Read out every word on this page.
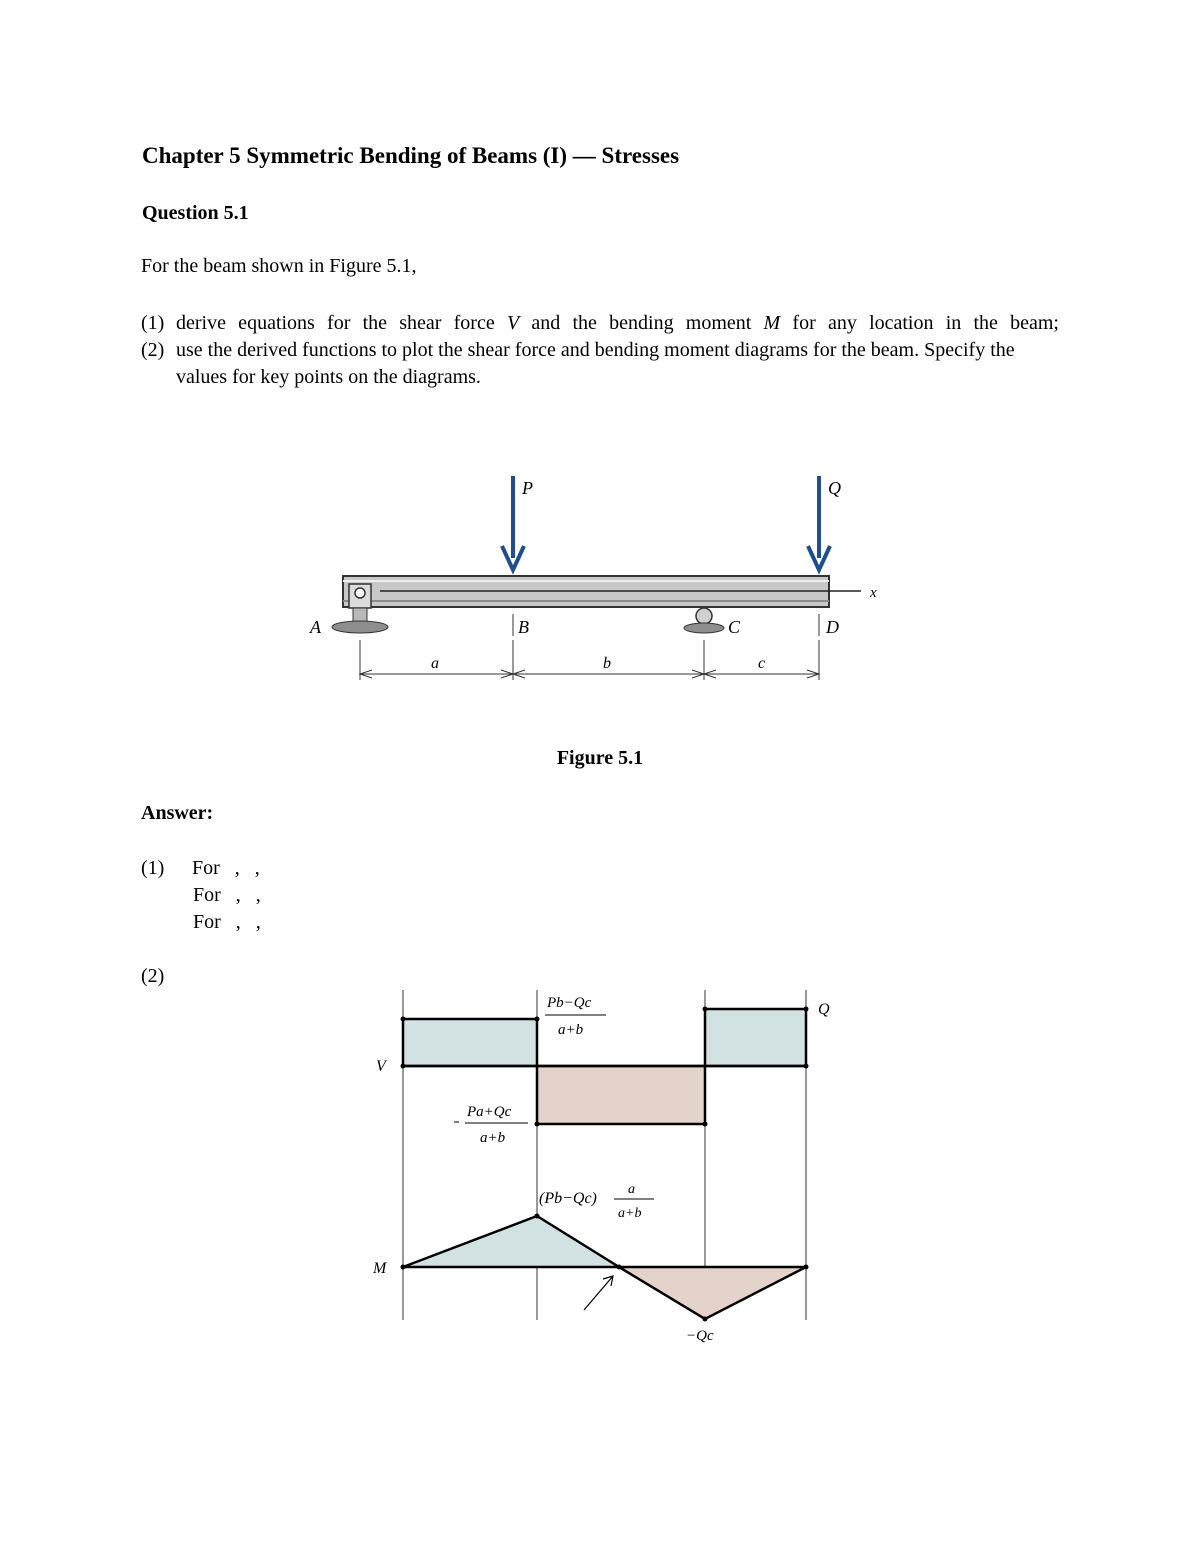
Chapter 5 Symmetric Bending of Beams (I) — Stresses
Question 5.1
For the beam shown in Figure 5.1,
(1) derive equations for the shear force V and the bending moment M for any location in the beam;
(2) use the derived functions to plot the shear force and bending moment diagrams for the beam. Specify the values for key points on the diagrams.
P	Q
x
A	B	C	D
a	b	c
Figure 5.1
Answer:
(1) For   ,   ,
For   ,   ,
For   ,   ,
(2)
V
Pb−Qc
a+b
Pa+Qc
a+b
Q
M
(Pb−Qc)
a
a+b
−Qc
